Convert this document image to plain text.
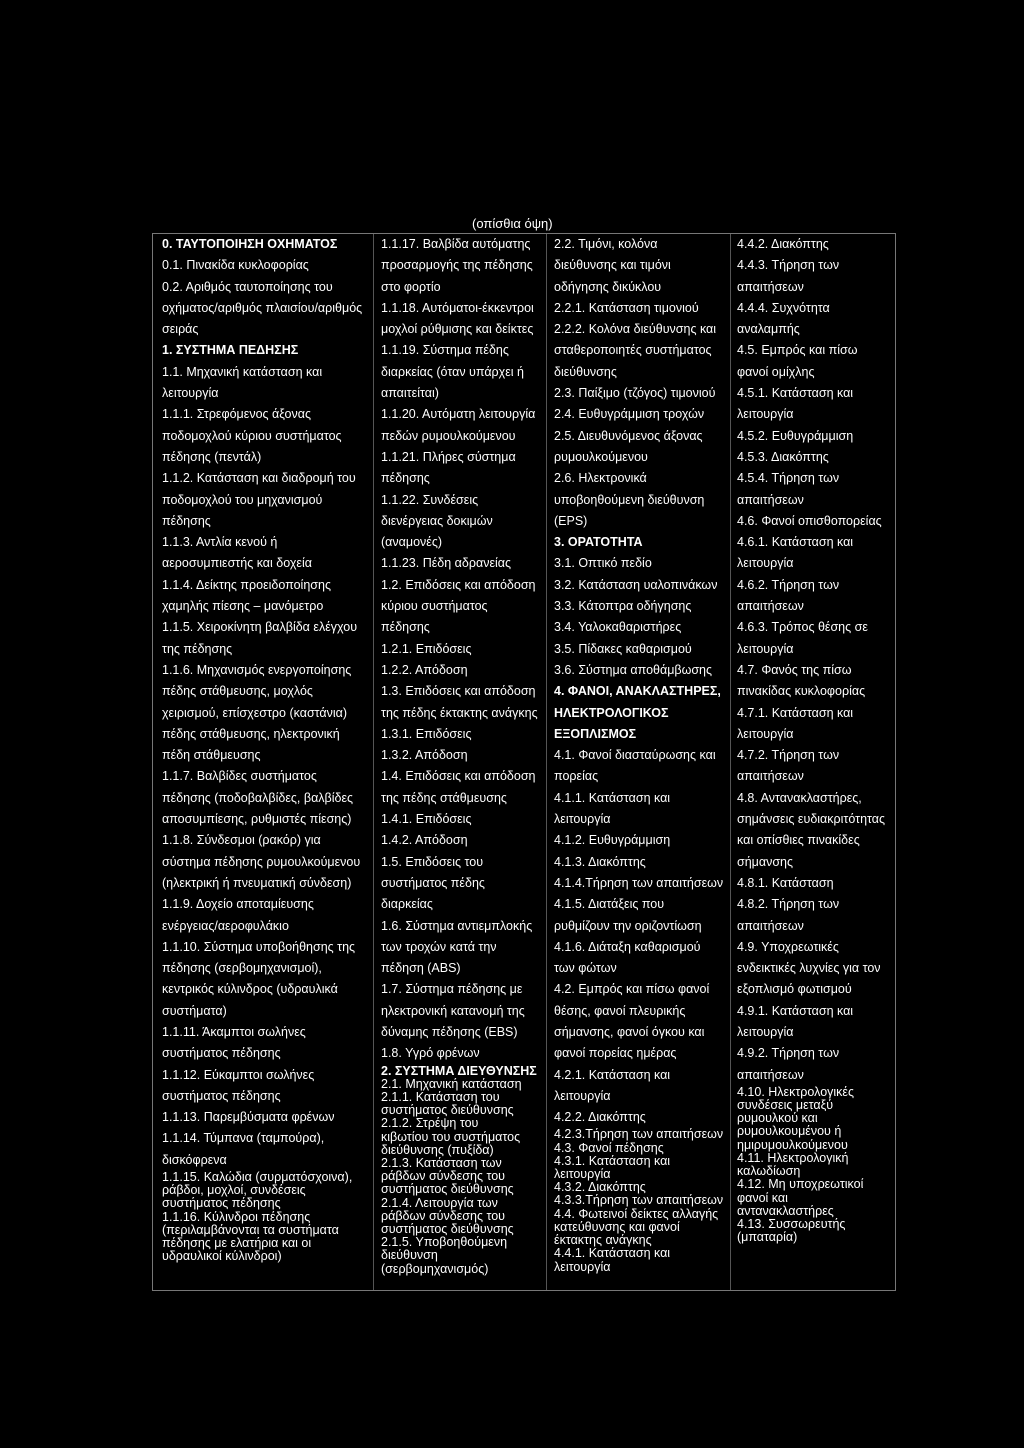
(οπίσθια όψη)
0. ΤΑΥΤΟΠΟΙΗΣΗ ΟΧΗΜΑΤΟΣ
0.1. Πινακίδα κυκλοφορίας
0.2. Αριθμός ταυτοποίησης του
οχήματος/αριθμός πλαισίου/αριθμός
σειράς
1. ΣΥΣΤΗΜΑ ΠΕΔΗΣΗΣ
1.1. Μηχανική κατάσταση και
λειτουργία
1.1.1. Στρεφόμενος άξονας
ποδομοχλού κύριου συστήματος
πέδησης (πεντάλ)
1.1.2. Κατάσταση και διαδρομή του
ποδομοχλού του μηχανισμού
πέδησης
1.1.3. Αντλία κενού ή
αεροσυμπιεστής και δοχεία
1.1.4. Δείκτης προειδοποίησης
χαμηλής πίεσης – μανόμετρο
1.1.5. Χειροκίνητη βαλβίδα ελέγχου
της πέδησης
1.1.6. Μηχανισμός ενεργοποίησης
πέδης στάθμευσης, μοχλός
χειρισμού, επίσχεστρο (καστάνια)
πέδης στάθμευσης, ηλεκτρονική
πέδη στάθμευσης
1.1.7. Βαλβίδες συστήματος
πέδησης (ποδοβαλβίδες, βαλβίδες
αποσυμπίεσης, ρυθμιστές πίεσης)
1.1.8. Σύνδεσμοι (ρακόρ) για
σύστημα πέδησης ρυμουλκούμενου
(ηλεκτρική ή πνευματική σύνδεση)
1.1.9. Δοχείο αποταμίευσης
ενέργειας/αεροφυλάκιο
1.1.10. Σύστημα υποβοήθησης της
πέδησης (σερβομηχανισμοί),
κεντρικός κύλινδρος (υδραυλικά
συστήματα)
1.1.11. Άκαμπτοι σωλήνες
συστήματος πέδησης
1.1.12. Εύκαμπτοι σωλήνες
συστήματος πέδησης
1.1.13. Παρεμβύσματα φρένων
1.1.14. Τύμπανα (ταμπούρα),
δισκόφρενα
1.1.15. Καλώδια (συρματόσχοινα),
ράβδοι, μοχλοί, συνδέσεις
συστήματος πέδησης
1.1.16. Κύλινδροι πέδησης
(περιλαμβάνονται τα συστήματα
πέδησης με ελατήρια και οι
υδραυλικοί κύλινδροι)
1.1.17. Βαλβίδα αυτόματης
προσαρμογής της πέδησης
στο φορτίο
1.1.18. Αυτόματοι-έκκεντροι
μοχλοί ρύθμισης και δείκτες
1.1.19. Σύστημα πέδης
διαρκείας (όταν υπάρχει ή
απαιτείται)
1.1.20. Αυτόματη λειτουργία
πεδών ρυμουλκούμενου
1.1.21. Πλήρες σύστημα
πέδησης
1.1.22. Συνδέσεις
διενέργειας δοκιμών
(αναμονές)
1.1.23. Πέδη αδρανείας
1.2. Επιδόσεις και απόδοση
κύριου συστήματος
πέδησης
1.2.1. Επιδόσεις
1.2.2. Απόδοση
1.3. Επιδόσεις και απόδοση
της πέδης έκτακτης ανάγκης
1.3.1. Επιδόσεις
1.3.2. Απόδοση
1.4. Επιδόσεις και απόδοση
της πέδης στάθμευσης
1.4.1. Επιδόσεις
1.4.2. Απόδοση
1.5. Επιδόσεις του
συστήματος πέδης
διαρκείας
1.6. Σύστημα αντιεμπλοκής
των τροχών κατά την
πέδηση (ABS)
1.7. Σύστημα πέδησης με
ηλεκτρονική κατανομή της
δύναμης πέδησης (EBS)
1.8. Υγρό φρένων
2. ΣΥΣΤΗΜΑ ΔΙΕΥΘΥΝΣΗΣ
2.1. Μηχανική κατάσταση
2.1.1. Κατάσταση του
συστήματος διεύθυνσης
2.1.2. Στρέψη του
κιβωτίου του συστήματος
διεύθυνσης (πυξίδα)
2.1.3. Κατάσταση των
ράβδων σύνδεσης του
συστήματος διεύθυνσης
2.1.4. Λειτουργία των
ράβδων σύνδεσης του
συστήματος διεύθυνσης
2.1.5. Υποβοηθούμενη
διεύθυνση
(σερβομηχανισμός)
2.2. Τιμόνι, κολόνα
διεύθυνσης και τιμόνι
οδήγησης δικύκλου
2.2.1. Κατάσταση τιμονιού
2.2.2. Κολόνα διεύθυνσης και
σταθεροποιητές συστήματος
διεύθυνσης
2.3. Παίξιμο (τζόγος) τιμονιού
2.4. Ευθυγράμμιση τροχών
2.5. Διευθυνόμενος άξονας
ρυμουλκούμενου
2.6. Ηλεκτρονικά
υποβοηθούμενη διεύθυνση
(EPS)
3. ΟΡΑΤΟΤΗΤΑ
3.1. Οπτικό πεδίο
3.2. Κατάσταση υαλοπινάκων
3.3. Κάτοπτρα οδήγησης
3.4. Υαλοκαθαριστήρες
3.5. Πίδακες καθαρισμού
3.6. Σύστημα αποθάμβωσης
4. ΦΑΝΟΙ, ΑΝΑΚΛΑΣΤΗΡΕΣ,
ΗΛΕΚΤΡΟΛΟΓΙΚΟΣ
ΕΞΟΠΛΙΣΜΟΣ
4.1. Φανοί διασταύρωσης και
πορείας
4.1.1. Κατάσταση και
λειτουργία
4.1.2. Ευθυγράμμιση
4.1.3. Διακόπτης
4.1.4.Τήρηση των απαιτήσεων
4.1.5. Διατάξεις που
ρυθμίζουν την οριζοντίωση
4.1.6. Διάταξη καθαρισμού
των φώτων
4.2. Εμπρός και πίσω φανοί
θέσης, φανοί πλευρικής
σήμανσης, φανοί όγκου και
φανοί πορείας ημέρας
4.2.1. Κατάσταση και
λειτουργία
4.2.2. Διακόπτης
4.2.3.Τήρηση των απαιτήσεων
4.3. Φανοί πέδησης
4.3.1. Κατάσταση και
λειτουργία
4.3.2. Διακόπτης
4.3.3.Τήρηση των απαιτήσεων
4.4. Φωτεινοί δείκτες αλλαγής
κατεύθυνσης και φανοί
έκτακτης ανάγκης
4.4.1. Κατάσταση και
λειτουργία
4.4.2. Διακόπτης
4.4.3. Τήρηση των
απαιτήσεων
4.4.4. Συχνότητα
αναλαμπής
4.5. Εμπρός και πίσω
φανοί ομίχλης
4.5.1. Κατάσταση και
λειτουργία
4.5.2. Ευθυγράμμιση
4.5.3. Διακόπτης
4.5.4. Τήρηση των
απαιτήσεων
4.6. Φανοί οπισθοπορείας
4.6.1. Κατάσταση και
λειτουργία
4.6.2. Τήρηση των
απαιτήσεων
4.6.3. Τρόπος θέσης σε
λειτουργία
4.7. Φανός της πίσω
πινακίδας κυκλοφορίας
4.7.1. Κατάσταση και
λειτουργία
4.7.2. Τήρηση των
απαιτήσεων
4.8. Αντανακλαστήρες,
σημάνσεις ευδιακριτότητας
και οπίσθιες πινακίδες
σήμανσης
4.8.1. Κατάσταση
4.8.2. Τήρηση των
απαιτήσεων
4.9. Υποχρεωτικές
ενδεικτικές λυχνίες για τον
εξοπλισμό φωτισμού
4.9.1. Κατάσταση και
λειτουργία
4.9.2. Τήρηση των
απαιτήσεων
4.10. Ηλεκτρολογικές
συνδέσεις μεταξύ
ρυμουλκού και
ρυμουλκουμένου ή
ημιρυμουλκούμενου
4.11. Ηλεκτρολογική
καλωδίωση
4.12. Μη υποχρεωτικοί
φανοί και
αντανακλαστήρες
4.13. Συσσωρευτής
(μπαταρία)
